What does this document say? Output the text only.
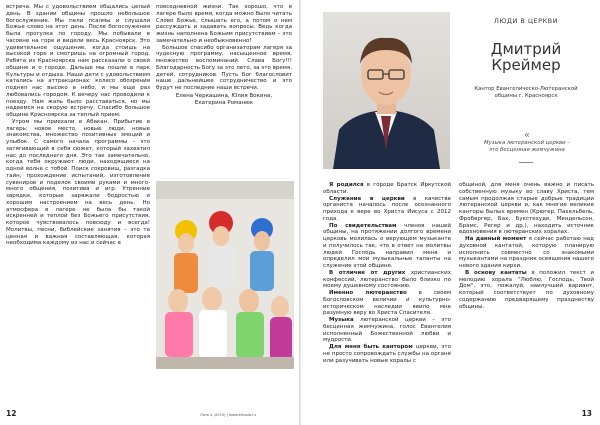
встреча. Мы с удовольствием общались целый день. В здании общины прошло небольшое богослужение. Мы пели псалмы и слушали Божье слово на этот день. После богослужения была прогулка по городу. Мы побывали в часовне на горе и видели весь Красноярск. Это удивительное ощущение, когда стоишь на высокой горе и смотришь на огромный город. Ребята из Красноярска нам рассказали о своей общине и о городе. Дальше мы пошли в парк Культуры и отдыха. Наши дети с удовольствием катались на аттракционах: колесо обозрения поднял нас высоко в небо, и мы еще раз любовались городом. К вечеру нас проводили к поезду. Нам жаль было расставаться, но мы надеемся на скорую встречу. Спасибо большое общине Красноярска за теплый прием.

Утром мы приехали в Абакан. Прибытие в лагерь: новое место, новые люди, новые знакомства, множество позитивных эмоций и улыбок. С самого начала программы – это затягивающий в себя сюжет, который захватил нас до последнего дня. Это так замечательно, когда тебя окружают люди, находящиеся на одной волне с тобой. Поиск сокровищ, разгадка тайн, прохождение испытаний, изготовление сувениров и поделок своими руками и много-много общения, позитива и игр. Утренние зарядки, которые заряжали бодростью и хорошим настроением на весь день. Но атмосфера в лагере не была бы такой искренней и теплой без Божьего присутствия, которое чувствовалось повсюду и всегда! Молитвы, песни, библейские занятия – это та ценная и важная составляющая, которая необходима каждому из нас и сейчас в

повседневной жизни. Так хорошо, что в лагере было время, когда можно было читать Слово Божье, слышать его, а потом о нем рассуждать и задавать вопросы. Ведь когда жизнь наполнена Божьим присутствием – это замечательно и необыкновенно!

Большое спасибо организаторам лагеря за чудесную программу, насыщенное время, множество воспоминаний. Слава Богу!!! Благодарность Богу за это лето, за это время, детей, сотрудников. Пусть Бог благословит наше дальнейшее сотрудничество и это будут не последние наши встречи.

Елена Черкашина, Юлия Вокина,
Екатерина Романюк
12	Лоза 4 (2019) | www.elkssib.ru
ЛЮДИ В ЦЕРКВИ
Дмитрий
Креймер
Кантор Евангелическо-Лютеранской
общины г. Красноярск
«
Музыка лютеранской церкви –
это бесценная жемчужина

Я родился в городе Братск Иркутской области.

Служение в церкви в качестве органиста началось после осознанного прихода к вере во Христа Иисуса с 2012 года.

По свидетельствам членов нашей общины, на протяжении долгого времени церковь молилась о верующем музыканте и получилось так, что в ответ на молитвы людей Господь направил меня и определил мои музыкальные таланты на служение этой общине.

В отличие от других христианских конфессий, лютеранство было близко по моему душевному состоянию.

Именно лютеранство в своем Богословском величии и культурно-историческом наследии явило мне разумную веру во Христа Спасителя.

Музыка лютеранской церкви – это бесценная жемчужина, голос Евангелия исполненный Божественной любви и мудрости.

Для меня быть кантором церкви, это не просто сопровождать службы на органе или разучивать новые хоралы с

общиной, для меня очень важно и писать собственную музыку во славу Христа, тем самым продолжая старые добрые традиции лютеранской церкви и, как многие великие канторы былых времен (Крюгер, Пахельбель, Фробергер, Бах, Букстехуде, Мендельсон, Брамс, Регер и др.), находить источник вдохновения в лютеранских хоралах.

На данный момент я сейчас работаю над духовной кантатой, которую планирую исполнить совместно со знакомыми музыкантами на праздник освящения нашего нового здания кирхи.

В основу кантаты я положил текст и мелодию хорала "Люблю, Господь, Твой Дом", это, пожалуй, наилучший вариант, который соответствует по духовному содержанию предварящему празднеству общины.

13
